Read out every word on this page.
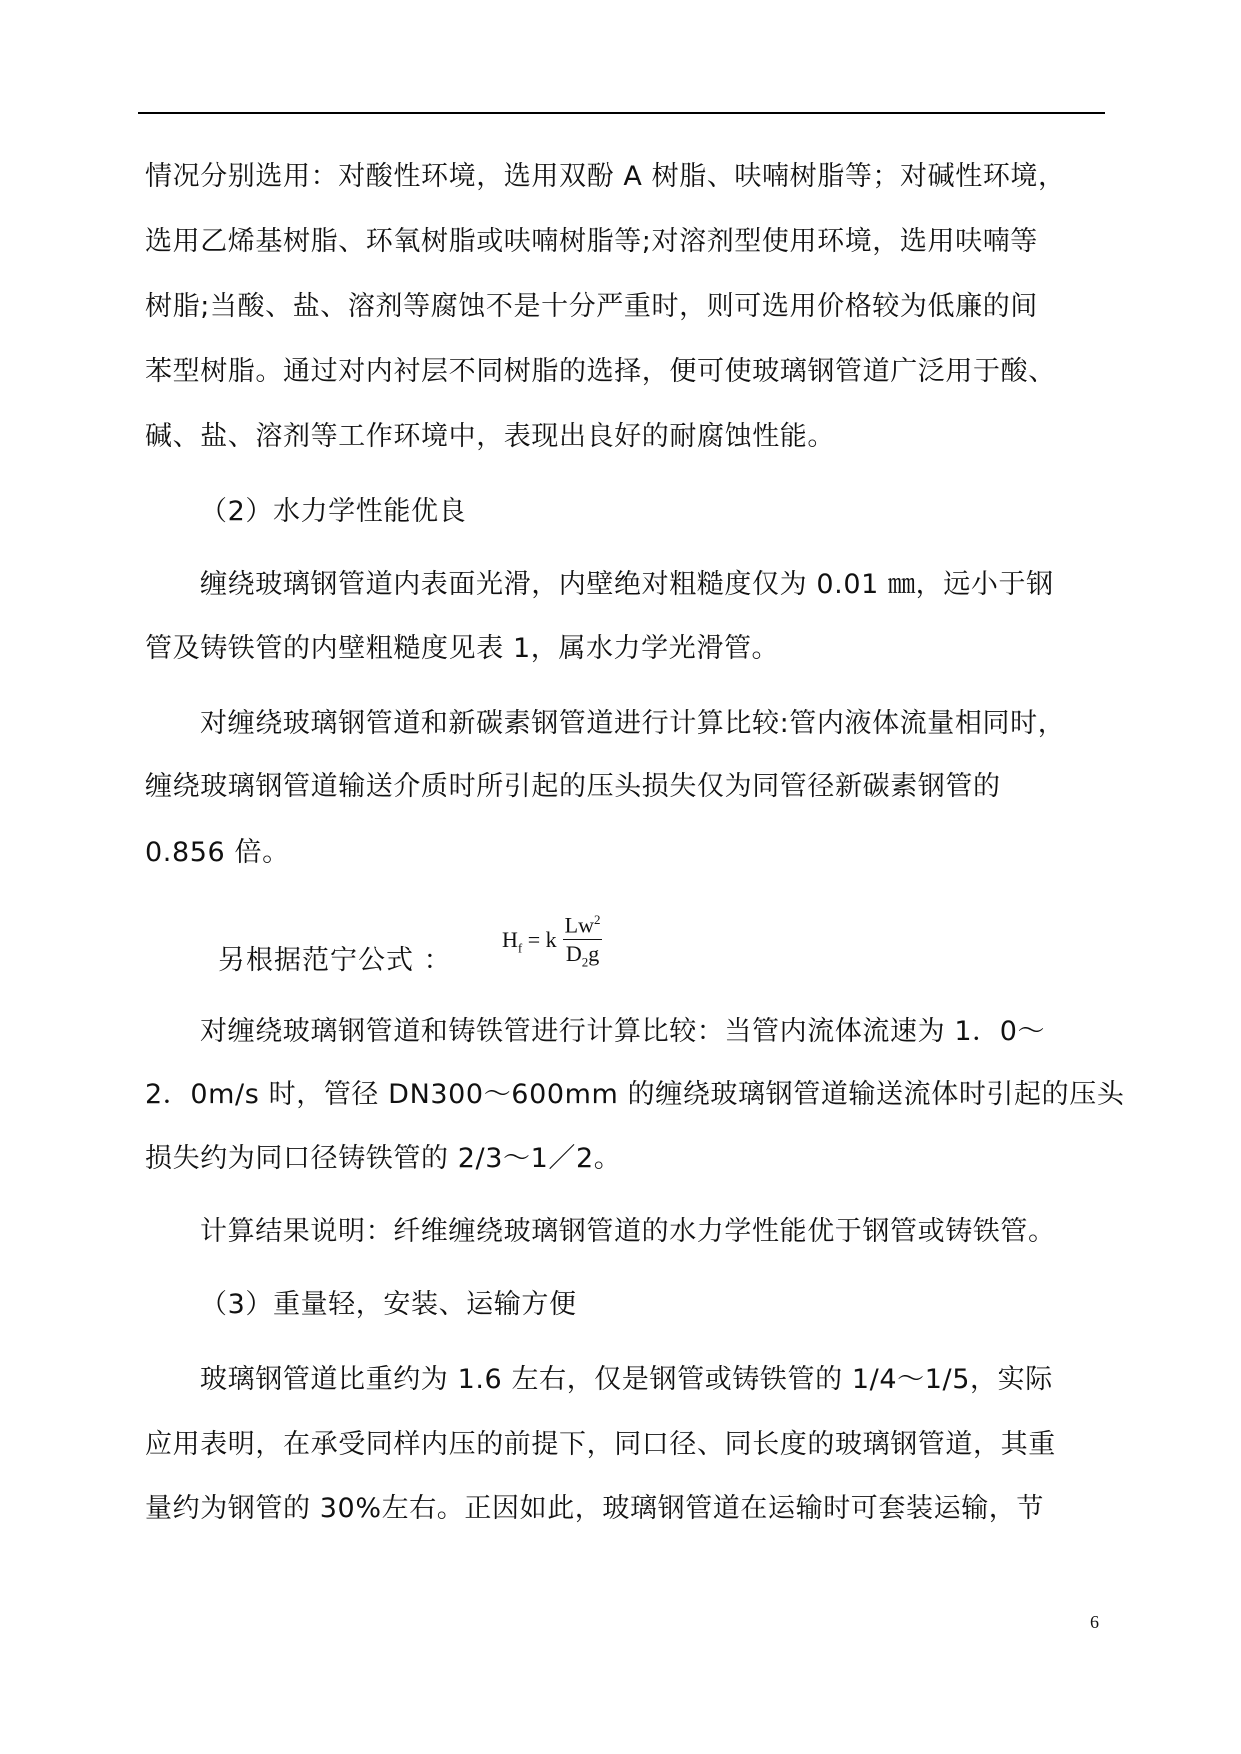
情况分别选用：对酸性环境，选用双酚 A 树脂、呋喃树脂等；对碱性环境，
选用乙烯基树脂、环氧树脂或呋喃树脂等;对溶剂型使用环境，选用呋喃等
树脂;当酸、盐、溶剂等腐蚀不是十分严重时，则可选用价格较为低廉的间
苯型树脂。通过对内衬层不同树脂的选择，便可使玻璃钢管道广泛用于酸、
碱、盐、溶剂等工作环境中，表现出良好的耐腐蚀性能。
（2）水力学性能优良
缠绕玻璃钢管道内表面光滑，内壁绝对粗糙度仅为 0.01 ㎜，远小于钢
管及铸铁管的内壁粗糙度见表 1，属水力学光滑管。
对缠绕玻璃钢管道和新碳素钢管道进行计算比较:管内液体流量相同时，
缠绕玻璃钢管道输送介质时所引起的压头损失仅为同管径新碳素钢管的
0.856 倍。
另根据范宁公式 ：
$H_f = k \frac{Lw^2}{D_2g}$
对缠绕玻璃钢管道和铸铁管进行计算比较：当管内流体流速为 1．0～
2．0m/s 时，管径 DN300～600mm 的缠绕玻璃钢管道输送流体时引起的压头
损失约为同口径铸铁管的 2/3～1／2。
计算结果说明：纤维缠绕玻璃钢管道的水力学性能优于钢管或铸铁管。
（3）重量轻，安装、运输方便
玻璃钢管道比重约为 1.6 左右，仅是钢管或铸铁管的 1/4～1/5，实际
应用表明，在承受同样内压的前提下，同口径、同长度的玻璃钢管道，其重
量约为钢管的 30%左右。正因如此，玻璃钢管道在运输时可套装运输，节
6
